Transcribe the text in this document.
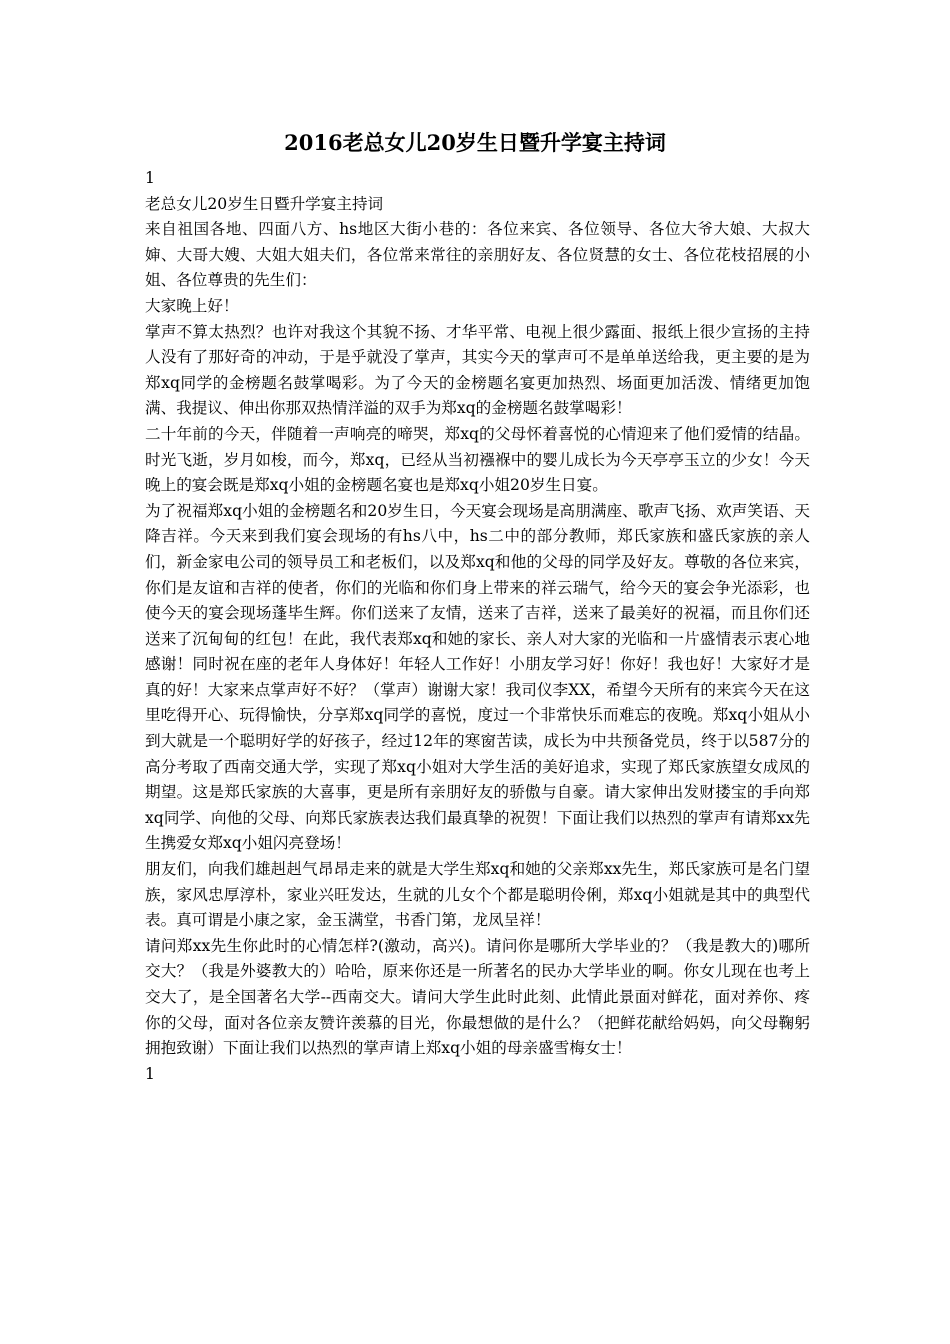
2016老总女儿20岁生日暨升学宴主持词

1

老总女儿20岁生日暨升学宴主持词

来自祖国各地、四面八方、hs地区大街小巷的：各位来宾、各位领导、各位大爷大娘、大叔大婶、大哥大嫂、大姐大姐夫们，各位常来常往的亲朋好友、各位贤慧的女士、各位花枝招展的小姐、各位尊贵的先生们：

大家晚上好！

掌声不算太热烈？也许对我这个其貌不扬、才华平常、电视上很少露面、报纸上很少宣扬的主持人没有了那好奇的冲动，于是乎就没了掌声，其实今天的掌声可不是单单送给我，更主要的是为郑xq同学的金榜题名鼓掌喝彩。为了今天的金榜题名宴更加热烈、场面更加活泼、情绪更加饱满、我提议、伸出你那双热情洋溢的双手为郑xq的金榜题名鼓掌喝彩！

二十年前的今天，伴随着一声响亮的啼哭，郑xq的父母怀着喜悦的心情迎来了他们爱情的结晶。时光飞逝，岁月如梭，而今，郑xq，已经从当初襁褓中的婴儿成长为今天亭亭玉立的少女！今天晚上的宴会既是郑xq小姐的金榜题名宴也是郑xq小姐20岁生日宴。

为了祝福郑xq小姐的金榜题名和20岁生日，今天宴会现场是高朋满座、歌声飞扬、欢声笑语、天降吉祥。今天来到我们宴会现场的有hs八中，hs二中的部分教师，郑氏家族和盛氏家族的亲人们，新金家电公司的领导员工和老板们，以及郑xq和他的父母的同学及好友。尊敬的各位来宾，你们是友谊和吉祥的使者，你们的光临和你们身上带来的祥云瑞气，给今天的宴会争光添彩，也使今天的宴会现场蓬毕生辉。你们送来了友情，送来了吉祥，送来了最美好的祝福，而且你们还送来了沉甸甸的红包！在此，我代表郑xq和她的家长、亲人对大家的光临和一片盛情表示衷心地感谢！同时祝在座的老年人身体好！年轻人工作好！小朋友学习好！你好！我也好！大家好才是真的好！大家来点掌声好不好？（掌声）谢谢大家！我司仪李XX，希望今天所有的来宾今天在这里吃得开心、玩得愉快，分享郑xq同学的喜悦，度过一个非常快乐而难忘的夜晚。郑xq小姐从小到大就是一个聪明好学的好孩子，经过12年的寒窗苦读，成长为中共预备党员，终于以587分的高分考取了西南交通大学，实现了郑xq小姐对大学生活的美好追求，实现了郑氏家族望女成凤的期望。这是郑氏家族的大喜事，更是所有亲朋好友的骄傲与自豪。请大家伸出发财搂宝的手向郑xq同学、向他的父母、向郑氏家族表达我们最真挚的祝贺！下面让我们以热烈的掌声有请郑xx先生携爱女郑xq小姐闪亮登场！

朋友们，向我们雄赳赳气昂昂走来的就是大学生郑xq和她的父亲郑xx先生，郑氏家族可是名门望族，家风忠厚淳朴，家业兴旺发达，生就的儿女个个都是聪明伶俐，郑xq小姐就是其中的典型代表。真可谓是小康之家，金玉满堂，书香门第，龙凤呈祥！

请问郑xx先生你此时的心情怎样?(激动，高兴)。请问你是哪所大学毕业的？（我是教大的)哪所交大？（我是外婆教大的）哈哈，原来你还是一所著名的民办大学毕业的啊。你女儿现在也考上交大了，是全国著名大学--西南交大。请问大学生此时此刻、此情此景面对鲜花，面对养你、疼你的父母，面对各位亲友赞许羡慕的目光，你最想做的是什么？（把鲜花献给妈妈，向父母鞠躬拥抱致谢）下面让我们以热烈的掌声请上郑xq小姐的母亲盛雪梅女士！

1
